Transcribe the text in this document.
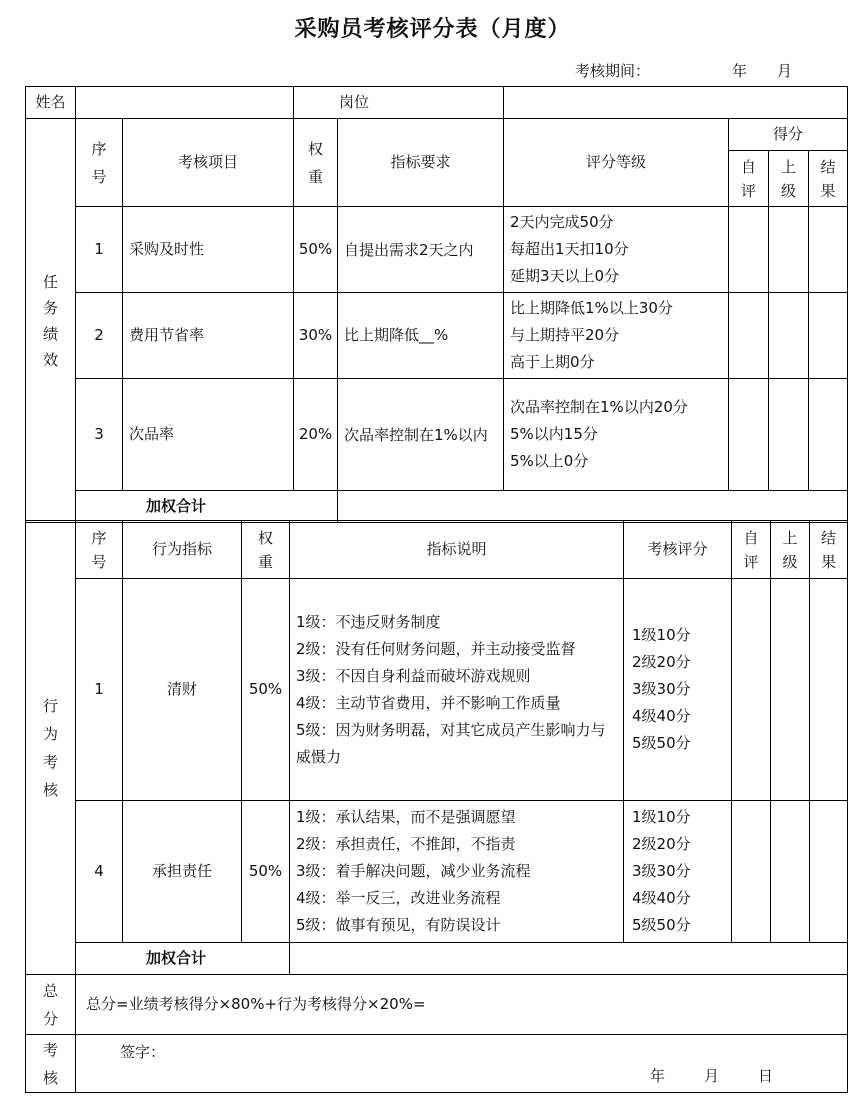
采购员考核评分表（月度）
考核期间：	年 月
姓名			岗位					

任务绩效	序号	考核项目	权重	指标要求	评分等级	得分		

						自评	上级	结果

	1	采购及时性	50%	自提出需求2天之内	2天内完成50分
每超出1天扣10分
延期3天以上0分			

	2	费用节省率	30%	比上期降低__%	比上期降低1%以上30分
与上期持平20分
高于上期0分			

	3	次品率	20%	次品率控制在1%以内	次品率控制在1%以内20分
5%以内15分
5%以上0分			

	加权合计							
行为考核	序号	行为指标	权重	指标说明	考核评分	自评	上级	结果

	1	清财	50%	1级：不违反财务制度
2级：没有任何财务问题，并主动接受监督
3级：不因自身利益而破坏游戏规则
4级：主动节省费用，并不影响工作质量
5级：因为财务明磊，对其它成员产生影响力与威慑力	1级10分
2级20分
3级30分
4级40分
5级50分			

	4	承担责任	50%	1级：承认结果，而不是强调愿望
2级：承担责任，不推卸，不指责
3级：着手解决问题，减少业务流程
4级：举一反三，改进业务流程
5级：做事有预见，有防误设计	1级10分
2级20分
3级30分
4级40分
5级50分			

	加权合计							

总分	总分=业绩考核得分×80%+行为考核得分×20%=							

考核	签字：
年 月 日							
